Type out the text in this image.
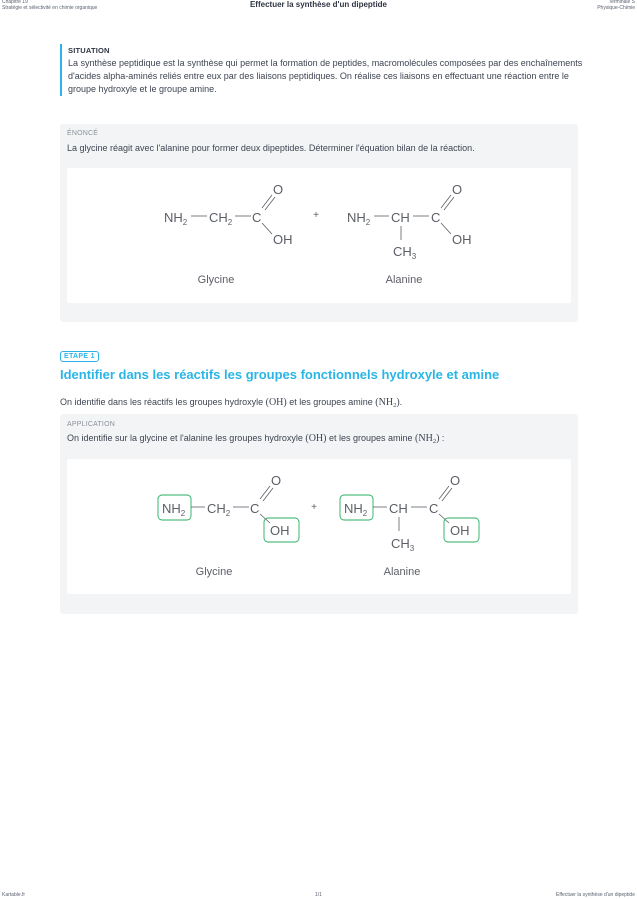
Chapitre 19
Stratégie et sélectivité en chimie organique	Effectuer la synthèse d'un dipeptide	Terminale S
Physique-Chimie
SITUATION
La synthèse peptidique est la synthèse qui permet la formation de peptides, macromolécules composées par des enchaînements d'acides alpha-aminés reliés entre eux par des liaisons peptidiques. On réalise ces liaisons en effectuant une réaction entre le groupe hydroxyle et le groupe amine.
ÉNONCÉ
La glycine réagit avec l'alanine pour former deux dipeptides. Déterminer l'équation bilan de la réaction.
$NH_2$ $CH_2$ C
O
OH
Glycine
+ $NH_2$ CH C
O
OH
$CH_3$
Alanine
ETAPE 1
Identifier dans les réactifs les groupes fonctionnels hydroxyle et amine
On identifie dans les réactifs les groupes hydroxyle (OH) et les groupes amine $(NH_2)$.
APPLICATION
On identifie sur la glycine et l'alanine les groupes hydroxyle (OH) et les groupes amine $(NH_2)$ :
$NH_2$ $CH_2$ C
O
OH
Glycine
+ $NH_2$ CH C
O
OH
$CH_3$
Alanine
Kartable.fr	1/1	Effectuer la synthèse d'un dipeptide
